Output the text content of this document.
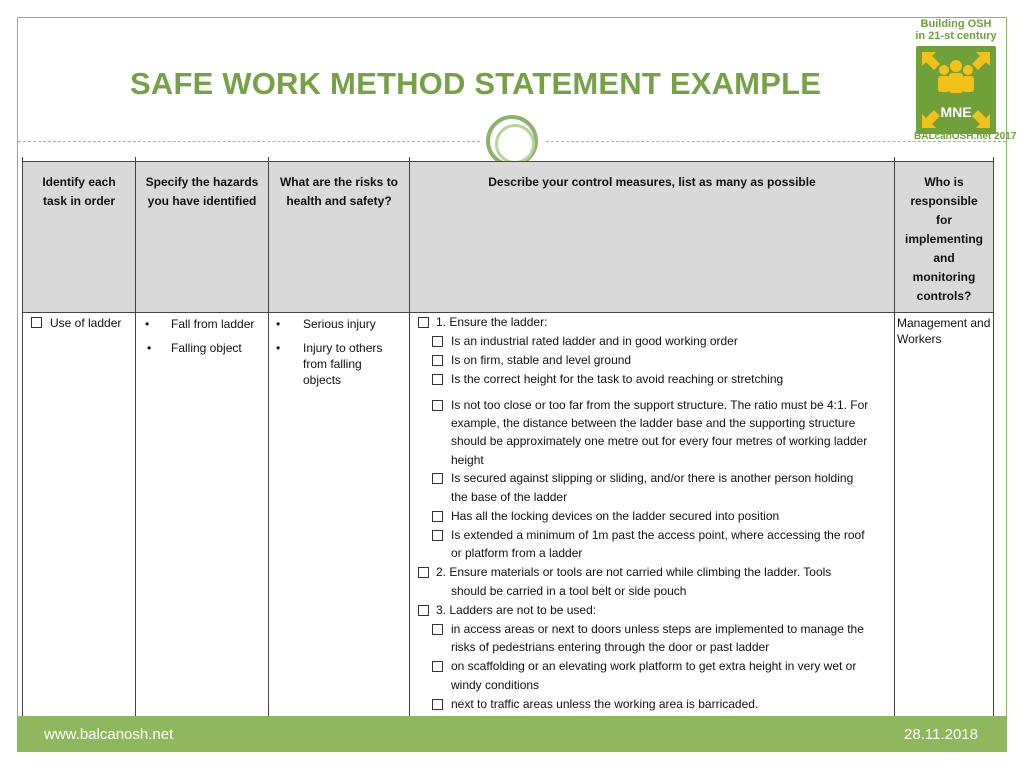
SAFE WORK METHOD STATEMENT EXAMPLE
Building OSH
in 21-st century
MNE
BALcanOSH.net 2017
Identify each task in order
Specify the hazards you have identified
What are the risks to health and safety?
Describe your control measures, list as many as possible	Who is responsible for implementing and monitoring controls?
Use of ladder • Fall from ladder
• Falling object
• Serious injury
• Injury to others from falling objects
Management and Workers
1. Ensure the ladder:
Is an industrial rated ladder and in good working order
Is on firm, stable and level ground
Is the correct height for the task to avoid reaching or stretching
Is not too close or too far from the support structure. The ratio must be 4:1. For
example, the distance between the ladder base and the supporting structure
should be approximately one metre out for every four metres of working ladder
height
Is secured against slipping or sliding, and/or there is another person holding
the base of the ladder
Has all the locking devices on the ladder secured into position
Is extended a minimum of 1m past the access point, where accessing the roof
or platform from a ladder
2. Ensure materials or tools are not carried while climbing the ladder. Tools
should be carried in a tool belt or side pouch
3. Ladders are not to be used:
in access areas or next to doors unless steps are implemented to manage the
risks of pedestrians entering through the door or past ladder
on scaffolding or an elevating work platform to get extra height in very wet or
windy conditions
next to traffic areas unless the working area is barricaded.
www.balcanosh.net	28.11.2018
